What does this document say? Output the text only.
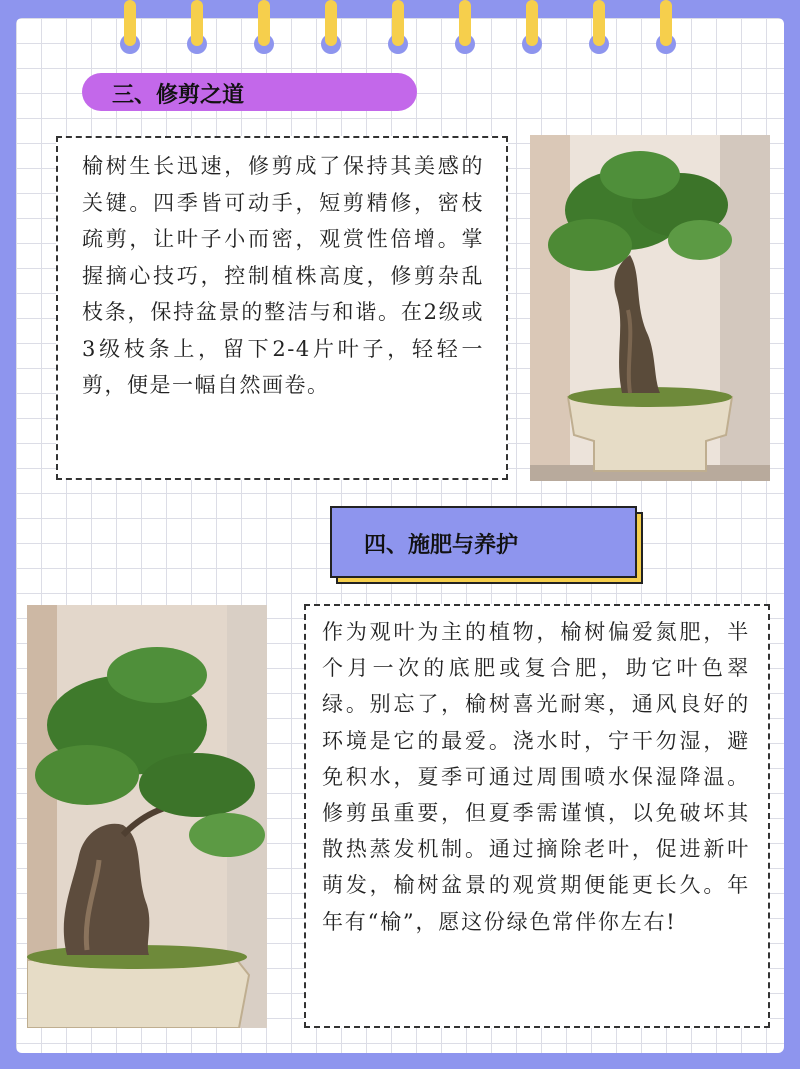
三、修剪之道

榆树生长迅速，修剪成了保持其美感的关键。四季皆可动手，短剪精修，密枝疏剪，让叶子小而密，观赏性倍增。掌握摘心技巧，控制植株高度，修剪杂乱枝条，保持盆景的整洁与和谐。在2级或3级枝条上，留下2-4片叶子，轻轻一剪，便是一幅自然画卷。

四、施肥与养护

作为观叶为主的植物，榆树偏爱氮肥，半个月一次的底肥或复合肥，助它叶色翠绿。别忘了，榆树喜光耐寒，通风良好的环境是它的最爱。浇水时，宁干勿湿，避免积水，夏季可通过周围喷水保湿降温。修剪虽重要，但夏季需谨慎，以免破坏其散热蒸发机制。通过摘除老叶，促进新叶萌发，榆树盆景的观赏期便能更长久。年年有“榆”，愿这份绿色常伴你左右!
